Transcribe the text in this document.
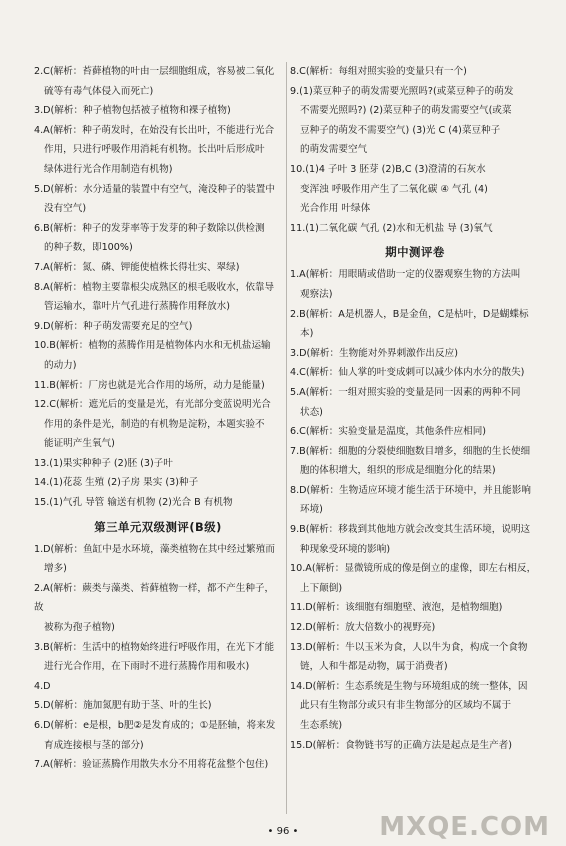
2.C(解析：苔藓植物的叶由一层细胞组成，容易被二氧化

硫等有毒气体侵入而死亡)

3.D(解析：种子植物包括被子植物和裸子植物)

4.A(解析：种子萌发时，在始没有长出叶，不能进行光合

作用，只进行呼吸作用消耗有机物。长出叶后形成叶

绿体进行光合作用制造有机物)

5.D(解析：水分适量的装置中有空气，淹没种子的装置中

没有空气)

6.B(解析：种子的发芽率等于发芽的种子数除以供检测

的种子数，即100%)

7.A(解析：氮、磷、钾能使植株长得壮实、翠绿)

8.A(解析：植物主要靠根尖成熟区的根毛吸收水，依靠导

管运输水，靠叶片气孔进行蒸腾作用释放水)

9.D(解析：种子萌发需要充足的空气)

10.B(解析：植物的蒸腾作用是植物体内水和无机盐运输

的动力)

11.B(解析：厂房也就是光合作用的场所，动力是能量)

12.C(解析：遮光后的变量是光，有光部分变蓝说明光合

作用的条件是光，制造的有机物是淀粉，本题实验不

能证明产生氧气)

13.(1)果实种种子 (2)胚 (3)子叶

14.(1)花蕊 生殖 (2)子房 果实 (3)种子

15.(1)气孔 导管 输送有机物 (2)光合 B 有机物

第三单元双级测评(B级)

1.D(解析：鱼缸中是水环境，藻类植物在其中经过繁殖而

增多)

2.A(解析：蕨类与藻类、苔藓植物一样，都不产生种子，故

被称为孢子植物)

3.B(解析：生活中的植物始终进行呼吸作用，在光下才能

进行光合作用，在下雨时不进行蒸腾作用和吸水)

4.D

5.D(解析：施加氮肥有助于茎、叶的生长)

6.D(解析：e是根，b肥②是发育成的；①是胚轴，将来发

育成连接根与茎的部分)

7.A(解析：验证蒸腾作用散失水分不用将花盆整个包住)

8.C(解析：每组对照实验的变量只有一个)

9.(1)菜豆种子的萌发需要光照吗?(或菜豆种子的萌发

不需要光照吗?) (2)菜豆种子的萌发需要空气(或菜

豆种子的萌发不需要空气) (3)光 C (4)菜豆种子

的萌发需要空气

10.(1)4 子叶 3 胚芽 (2)B,C (3)澄清的石灰水

变浑浊 呼吸作用产生了二氧化碳 ④ 气孔 (4)

光合作用 叶绿体

11.(1)二氧化碳 气孔 (2)水和无机盐 导 (3)氧气

期中测评卷

1.A(解析：用眼睛或借助一定的仪器观察生物的方法叫

观察法)

2.B(解析：A是机器人，B是金鱼，C是枯叶，D是蝴蝶标

本)

3.D(解析：生物能对外界刺激作出反应)

4.C(解析：仙人掌的叶变成刺可以减少体内水分的散失)

5.A(解析：一组对照实验的变量是同一因素的两种不同

状态)

6.C(解析：实验变量是温度，其他条件应相同)

7.B(解析：细胞的分裂使细胞数目增多，细胞的生长使细

胞的体积增大，组织的形成是细胞分化的结果)

8.D(解析：生物适应环境才能生活于环境中，并且能影响

环境)

9.B(解析：移栽到其他地方就会改变其生活环境，说明这

种现象受环境的影响)

10.A(解析：显微镜所成的像是倒立的虚像，即左右相反，

上下颠倒)

11.D(解析：该细胞有细胞壁、液泡，是植物细胞)

12.D(解析：放大倍数小的视野亮)

13.D(解析：牛以玉米为食，人以牛为食，构成一个食物

链，人和牛都是动物，属于消费者)

14.D(解析：生态系统是生物与环境组成的统一整体，因

此只有生物部分或只有非生物部分的区域均不属于

生态系统)

15.D(解析：食物链书写的正确方法是起点是生产者)

• 96 •	MXQE.COM
